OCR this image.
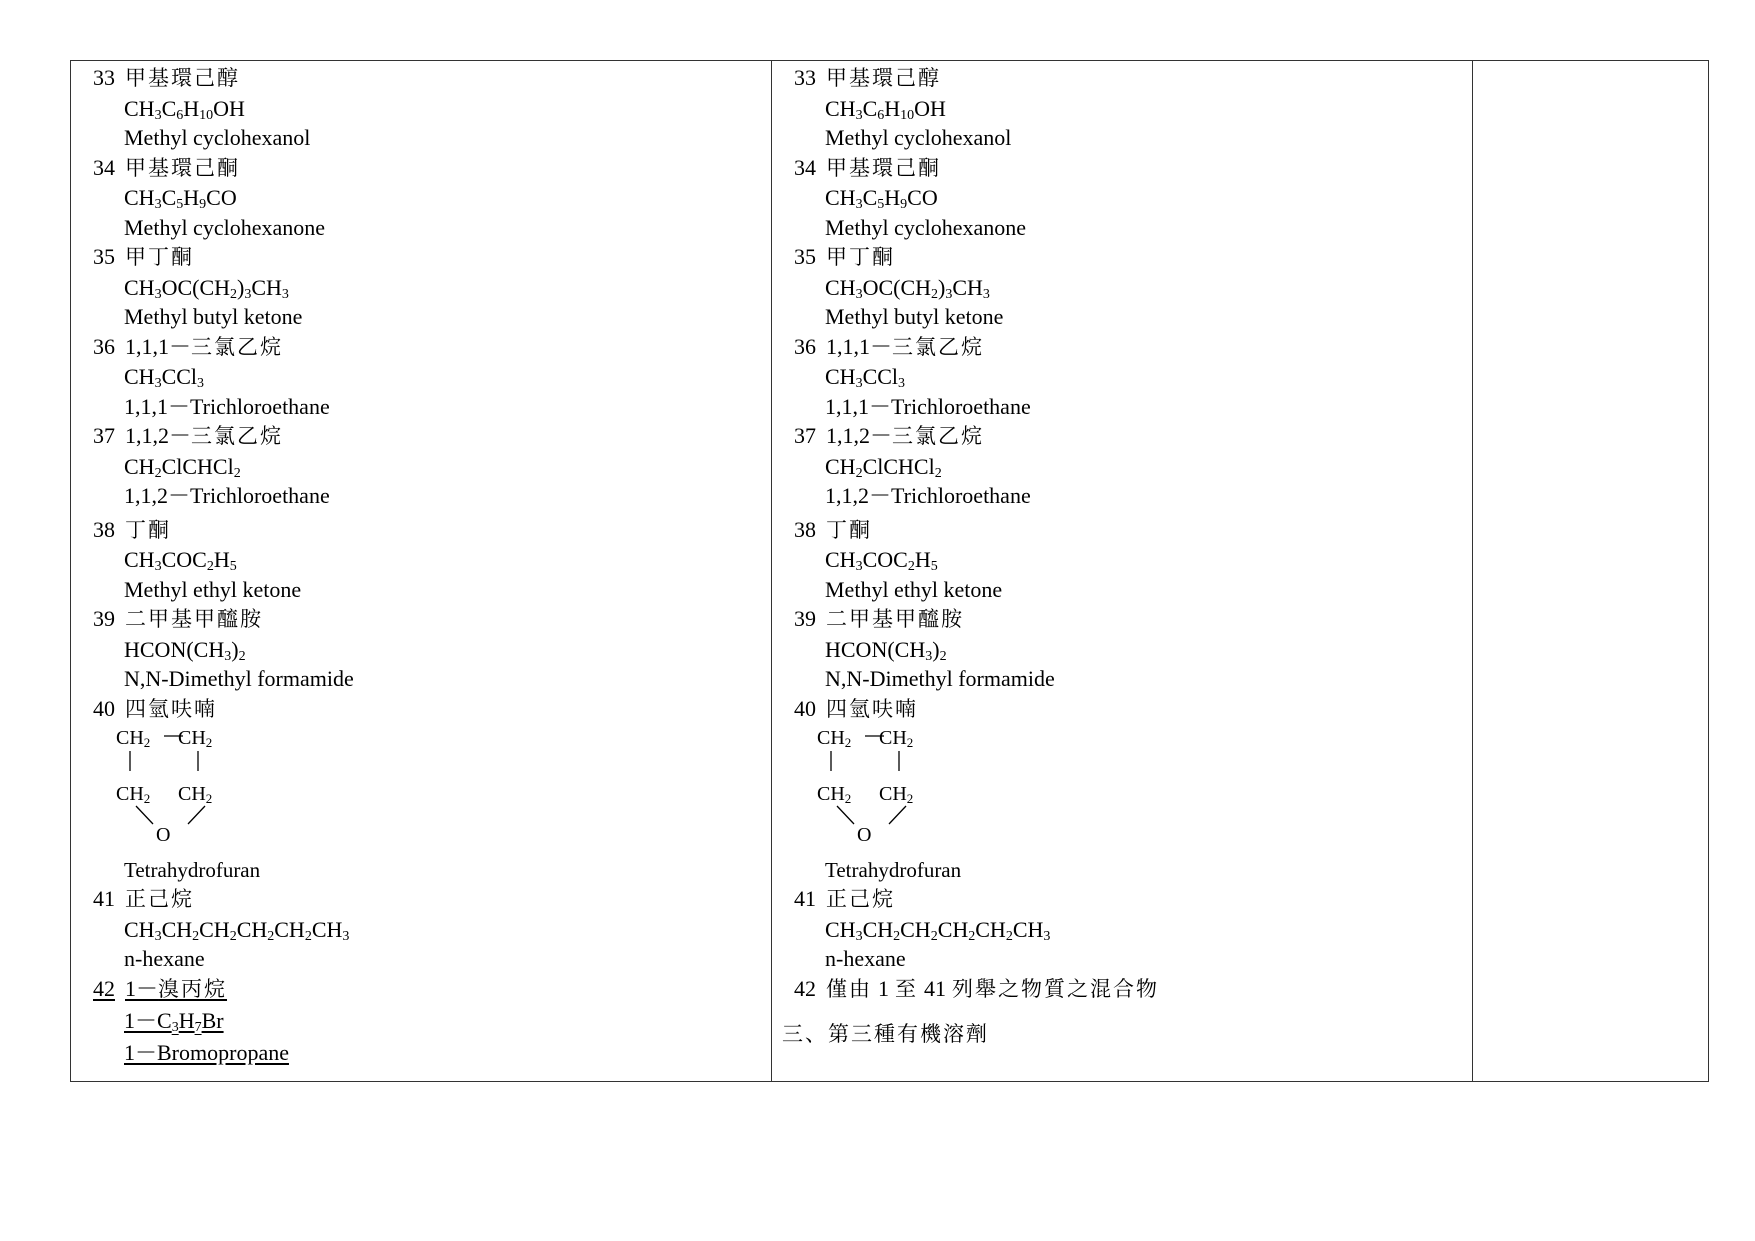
33 甲基環己醇
$CH_3C_6H_{10}OH$
Methyl cyclohexanol
34 甲基環己酮
$CH_3C_5H_9CO$
Methyl cyclohexanone
35 甲丁酮
$CH_3OC(CH_2)_3CH_3$
Methyl butyl ketone
36 1,1,1－三氯乙烷
$CH_3CCl_3$
1,1,1－Trichloroethane
37 1,1,2－三氯乙烷
$CH_2ClCHCl_2$
1,1,2－Trichloroethane
38 丁酮
$CH_3COC_2H_5$
Methyl ethyl ketone
39 二甲基甲醯胺
$HCON(CH_3)_2$
N,N-Dimethyl formamide
40 四氫呋喃
$CH_2$ $CH_2$
$CH_2$ $CH_2$
O
Tetrahydrofuran
41 正己烷
$CH_3CH_2CH_2CH_2CH_2CH_3$
n-hexane
42 1－溴丙烷
$1-C_3H_7Br$
1－Bromopropane

33 甲基環己醇
$CH_3C_6H_{10}OH$
Methyl cyclohexanol
34 甲基環己酮
$CH_3C_5H_9CO$
Methyl cyclohexanone
35 甲丁酮
$CH_3OC(CH_2)_3CH_3$
Methyl butyl ketone
36 1,1,1－三氯乙烷
$CH_3CCl_3$
1,1,1－Trichloroethane
37 1,1,2－三氯乙烷
$CH_2ClCHCl_2$
1,1,2－Trichloroethane
38 丁酮
$CH_3COC_2H_5$
Methyl ethyl ketone
39 二甲基甲醯胺
$HCON(CH_3)_2$
N,N-Dimethyl formamide
40 四氫呋喃
$CH_2$ $CH_2$
$CH_2$ $CH_2$
O
Tetrahydrofuran
41 正己烷
$CH_3CH_2CH_2CH_2CH_2CH_3$
n-hexane
42 僅由 1 至 41 列舉之物質之混合物
三、第三種有機溶劑
